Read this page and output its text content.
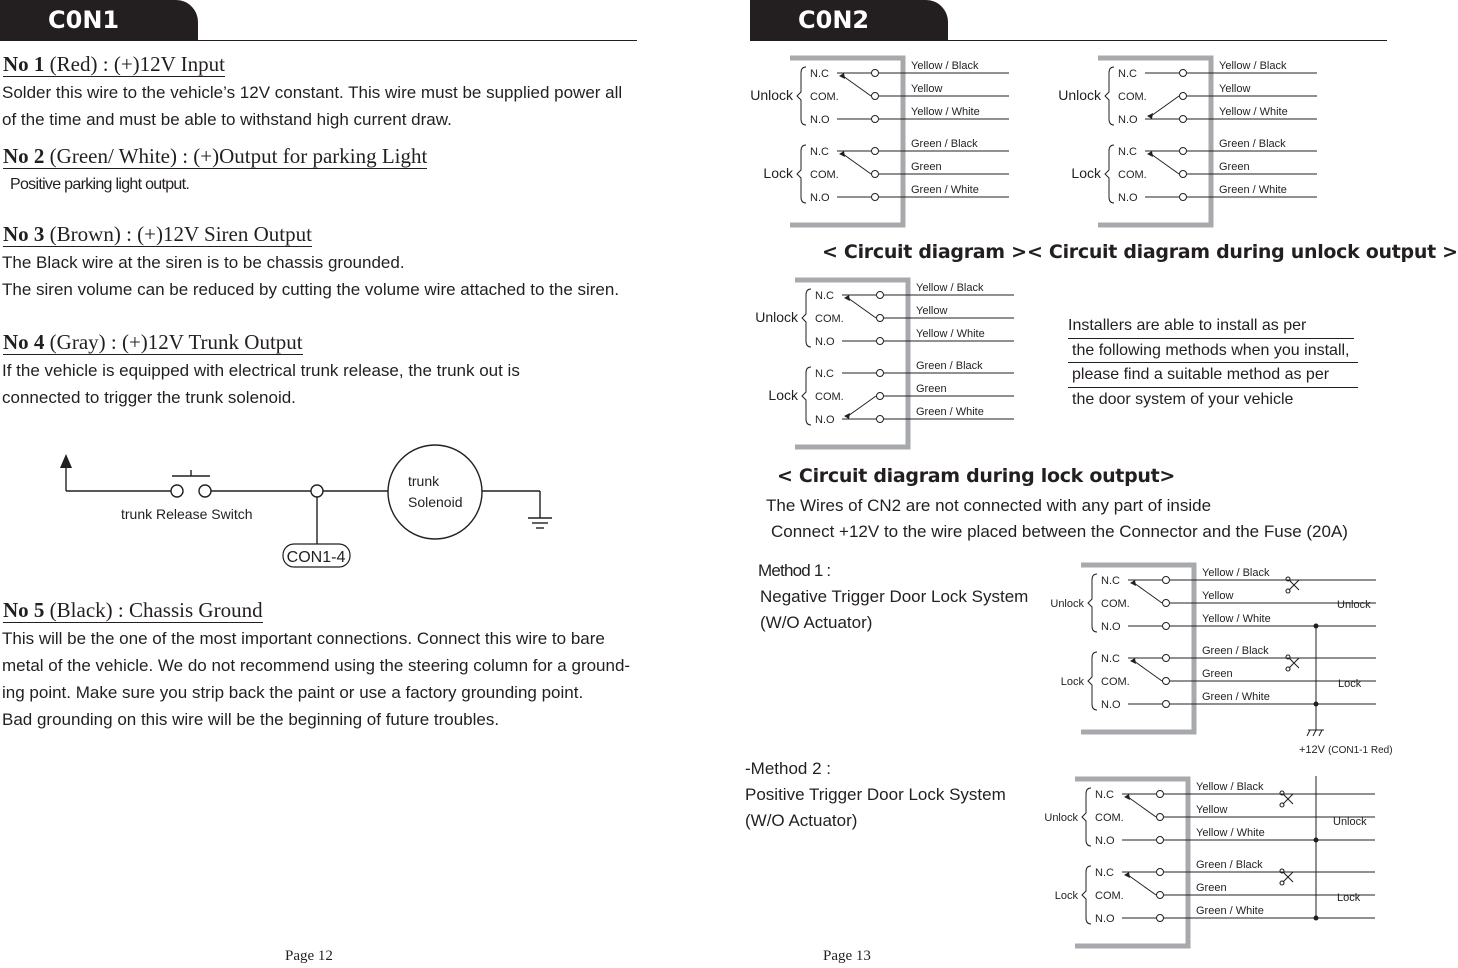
C0N1
No 1 (Red) : (+)12V Input
Solder this wire to the vehicle’s 12V constant. This wire must be supplied power all
of the time and must be able to withstand high current draw.
No 2 (Green/ White) : (+)Output for parking Light
Positive parking light output.
No 3 (Brown) : (+)12V Siren Output
The Black wire at the siren is to be chassis grounded.
The siren volume can be reduced by cutting the volume wire attached to the siren.
No 4 (Gray) : (+)12V Trunk Output
If the vehicle is equipped with electrical trunk release, the trunk out is
connected to trigger the trunk solenoid.
CON1-4
trunk
Solenoid
trunk Release Switch
No 5 (Black) : Chassis Ground
This will be the one of the most important connections. Connect this wire to bare
metal of the vehicle. We do not recommend using the steering column for a ground-
ing point. Make sure you strip back the paint or use a factory grounding point.
Bad grounding on this wire will be the beginning of future troubles.
Page 12
C0N2
Unlock
N.C
COM.
N.O
Yellow / Black
Yellow
Yellow / White
Lock
N.C
COM.
N.O
Green / Black
Green
Green / White
Unlock
N.C
COM.
N.O
Yellow / Black
Yellow
Yellow / White
Lock
N.C
COM.
N.O
Green / Black
Green
Green / White
Unlock
N.C
COM.
N.O
Yellow / Black
Yellow
Yellow / White
Lock
N.C
COM.
N.O
Green / Black
Green
Green / White
< Circuit diagram > < Circuit diagram during unlock output >
< Circuit diagram during lock output>
Installers are able to install as per
the following methods when you install,
please find a suitable method as per
the door system of your vehicle
The Wires of CN2 are not connected with any part of inside
Connect +12V to the wire placed between the Connector and the Fuse (20A)
Method 1 :
Negative Trigger Door Lock System
(W/O Actuator)
-Method 2 :
Positive Trigger Door Lock System
(W/O Actuator)
Unlock
N.C
COM.
N.O
Yellow / Black
Yellow
Yellow / White
Lock
N.C
COM.
N.O
Green / Black
Green
Green / White
Unlock
Lock
Unlock
N.C
COM.
N.O
Yellow / Black
Yellow
Yellow / White
Lock
N.C
COM.
N.O
Green / Black
Green
Green / White
Unlock
Lock
+12V (CON1-1 Red)
Page 13
